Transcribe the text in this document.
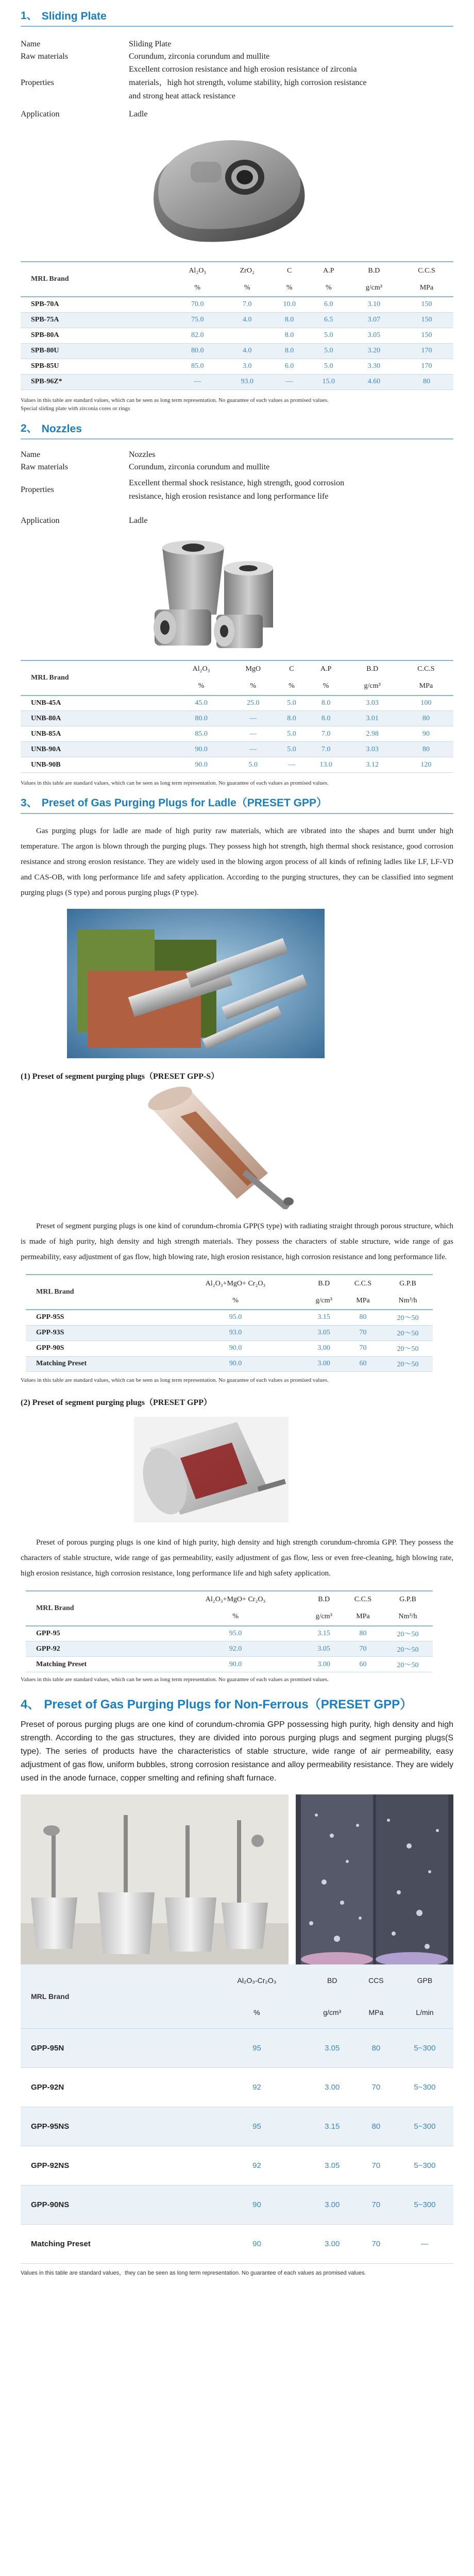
1、 Sliding Plate
Name	Sliding Plate
Raw materials	Corundum, zirconia corundum and mullite
Properties
Excellent corrosion resistance and high erosion resistance of zirconia materials，high hot strength, volume stability, high corrosion resistance and strong heat attack resistance
Application	Ladle
MRL Brand	Al₂O₃	ZrO₂	C	A.P	B.D	C.C.S
	%	%	%	%	g/cm³	MPa
SPB-70A	70.0	7.0	10.0	6.0	3.10	150
SPB-75A	75.0	4.0	8.0	6.5	3.07	150
SPB-80A	82.0		8.0	5.0	3.05	150
SPB-80U	80.0	4.0	8.0	5.0	3.20	170
SPB-85U	85.0	3.0	6.0	5.0	3.30	170
SPB-96Z*	—	93.0	—	15.0	4.60	80
Values in this table are standard values, which can be seen as long term representation. No guarantee of each values as promised values.
Special sliding plate with zirconia cores or rings
2、 Nozzles
Name	Nozzles
Raw materials	Corundum, zirconia corundum and mullite
Properties
Excellent thermal shock resistance, high strength, good corrosion resistance, high erosion resistance and long performance life
Application	Ladle
MRL Brand	Al₂O₃	MgO	C	A.P	B.D	C.C.S
	%	%	%	%	g/cm³	MPa
UNB-45A	45.0	25.0	5.0	8.0	3.03	100
UNB-80A	80.0	—	8.0	8.0	3.01	80
UNB-85A	85.0	—	5.0	7.0	2.98	90
UNB-90A	90.0	—	5.0	7.0	3.03	80
UNB-90B	90.0	5.0	—	13.0	3.12	120
Values in this table are standard values, which can be seen as long term representation. No guarantee of each values as promised values.
3、 Preset of Gas Purging Plugs for Ladle（PRESET GPP）
Gas purging plugs for ladle are made of high purity raw materials, which are vibrated into the shapes and burnt under high temperature. The argon is blown through the purging plugs. They possess high hot strength, high thermal shock resistance, good corrosion resistance and strong erosion resistance. They are widely used in the blowing argon process of all kinds of refining ladles like LF, LF-VD and CAS-OB, with long performance life and safety application. According to the purging structures, they can be classified into segment purging plugs (S type) and porous purging plugs (P type).
(1) Preset of segment purging plugs（PRESET GPP-S）
Preset of segment purging plugs is one kind of corundum-chromia GPP(S type) with radiating straight through porous structure, which is made of high purity, high density and high strength materials. They possess the characters of stable structure, wide range of gas permeability, easy adjustment of gas flow, high blowing rate, high erosion resistance, high corrosion resistance and long performance life.
MRL Brand	Al₂O₃+MgO+ Cr₂O₃	B.D	C.C.S	G.P.B
	%	g/cm³	MPa	Nm³/h
GPP-95S	95.0	3.15	80	20～50
GPP-93S	93.0	3.05	70	20～50
GPP-90S	90.0	3.00	70	20～50
Matching Preset	90.0	3.00	60	20～50
Values in this table are standard values, which can be seen as long term representation. No guarantee of each values as promised values.
(2) Preset of segment purging plugs（PRESET GPP）
Preset of porous purging plugs is one kind of high purity, high density and high strength corundum-chromia GPP. They possess the characters of stable structure, wide range of gas permeability, easily adjustment of gas flow, less or even free-cleaning, high blowing rate, high erosion resistance, high corrosion resistance, long performance life and high safety application.
MRL Brand	Al₂O₃+MgO+ Cr₂O₃	B.D	C.C.S	G.P.B
	%	g/cm³	MPa	Nm³/h
GPP-95	95.0	3.15	80	20～50
GPP-92	92.0	3.05	70	20～50
Matching Preset	90.0	3.00	60	20～50
Values in this table are standard values, which can be seen as long term representation. No guarantee of each values as promised values.
4、 Preset of Gas Purging Plugs for Non-Ferrous（PRESET GPP）
Preset of porous purging plugs are one kind of corundum-chromia GPP possessing high purity, high density and high strength. According to the gas structures, they are divided into porous purging plugs and segment purging plugs(S type). The series of products have the characteristics of stable structure, wide range of air permeability, easy adjustment of gas flow, uniform bubbles, strong corrosion resistance and alloy permeability resistance. They are widely used in the anode furnace, copper smelting and refining shaft furnace.
MRL Brand	Al₂O₃-Cr₂O₃	BD	CCS	GPB
	%	g/cm³	MPa	L/min
GPP-95N	95	3.05	80	5~300
GPP-92N	92	3.00	70	5~300
GPP-95NS	95	3.15	80	5~300
GPP-92NS	92	3.05	70	5~300
GPP-90NS	90	3.00	70	5~300
Matching Preset	90	3.00	70	—
Values in this table are standard values，they can be seen as long term representation. No guarantee of each values as promised values.
